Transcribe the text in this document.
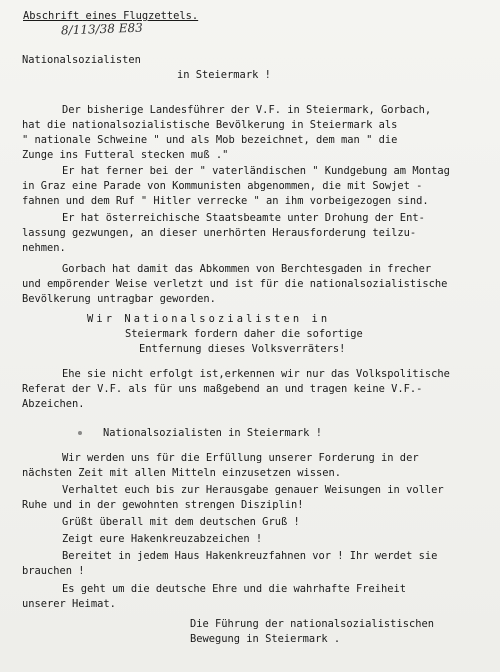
Abschrift eines Flugzettels.
8/113/38 E83
Nationalsozialisten
in Steiermark !
Der bisherige Landesführer der V.F. in Steiermark, Gorbach,
hat die nationalsozialistische Bevölkerung in Steiermark als
" nationale Schweine " und als Mob bezeichnet, dem man " die
Zunge ins Futteral stecken muß ."
Er hat ferner bei der " vaterländischen " Kundgebung am Montag
in Graz eine Parade von Kommunisten abgenommen, die mit Sowjet -
fahnen und dem Ruf " Hitler verrecke " an ihm vorbeigezogen sind.
Er hat österreichische Staatsbeamte unter Drohung der Ent-
lassung gezwungen, an dieser unerhörten Herausforderung teilzu-
nehmen.
Gorbach hat damit das Abkommen von Berchtesgaden in frecher
und empörender Weise verletzt und ist für die nationalsozialistische
Bevölkerung untragbar geworden.
Wir Nationalsozialisten in
Steiermark fordern daher die sofortige
Entfernung dieses Volksverräters!
Ehe sie nicht erfolgt ist,erkennen wir nur das Volkspolitische
Referat der V.F. als für uns maßgebend an und tragen keine V.F.-
Abzeichen.
Nationalsozialisten in Steiermark !
Wir werden uns für die Erfüllung unserer Forderung in der
nächsten Zeit mit allen Mitteln einzusetzen wissen.
Verhaltet euch bis zur Herausgabe genauer Weisungen in voller
Ruhe und in der gewohnten strengen Disziplin!
Grüßt überall mit dem deutschen Gruß !
Zeigt eure Hakenkreuzabzeichen !
Bereitet in jedem Haus Hakenkreuzfahnen vor ! Ihr werdet sie
brauchen !
Es geht um die deutsche Ehre und die wahrhafte Freiheit
unserer Heimat.
Die Führung der nationalsozialistischen
Bewegung in Steiermark .
